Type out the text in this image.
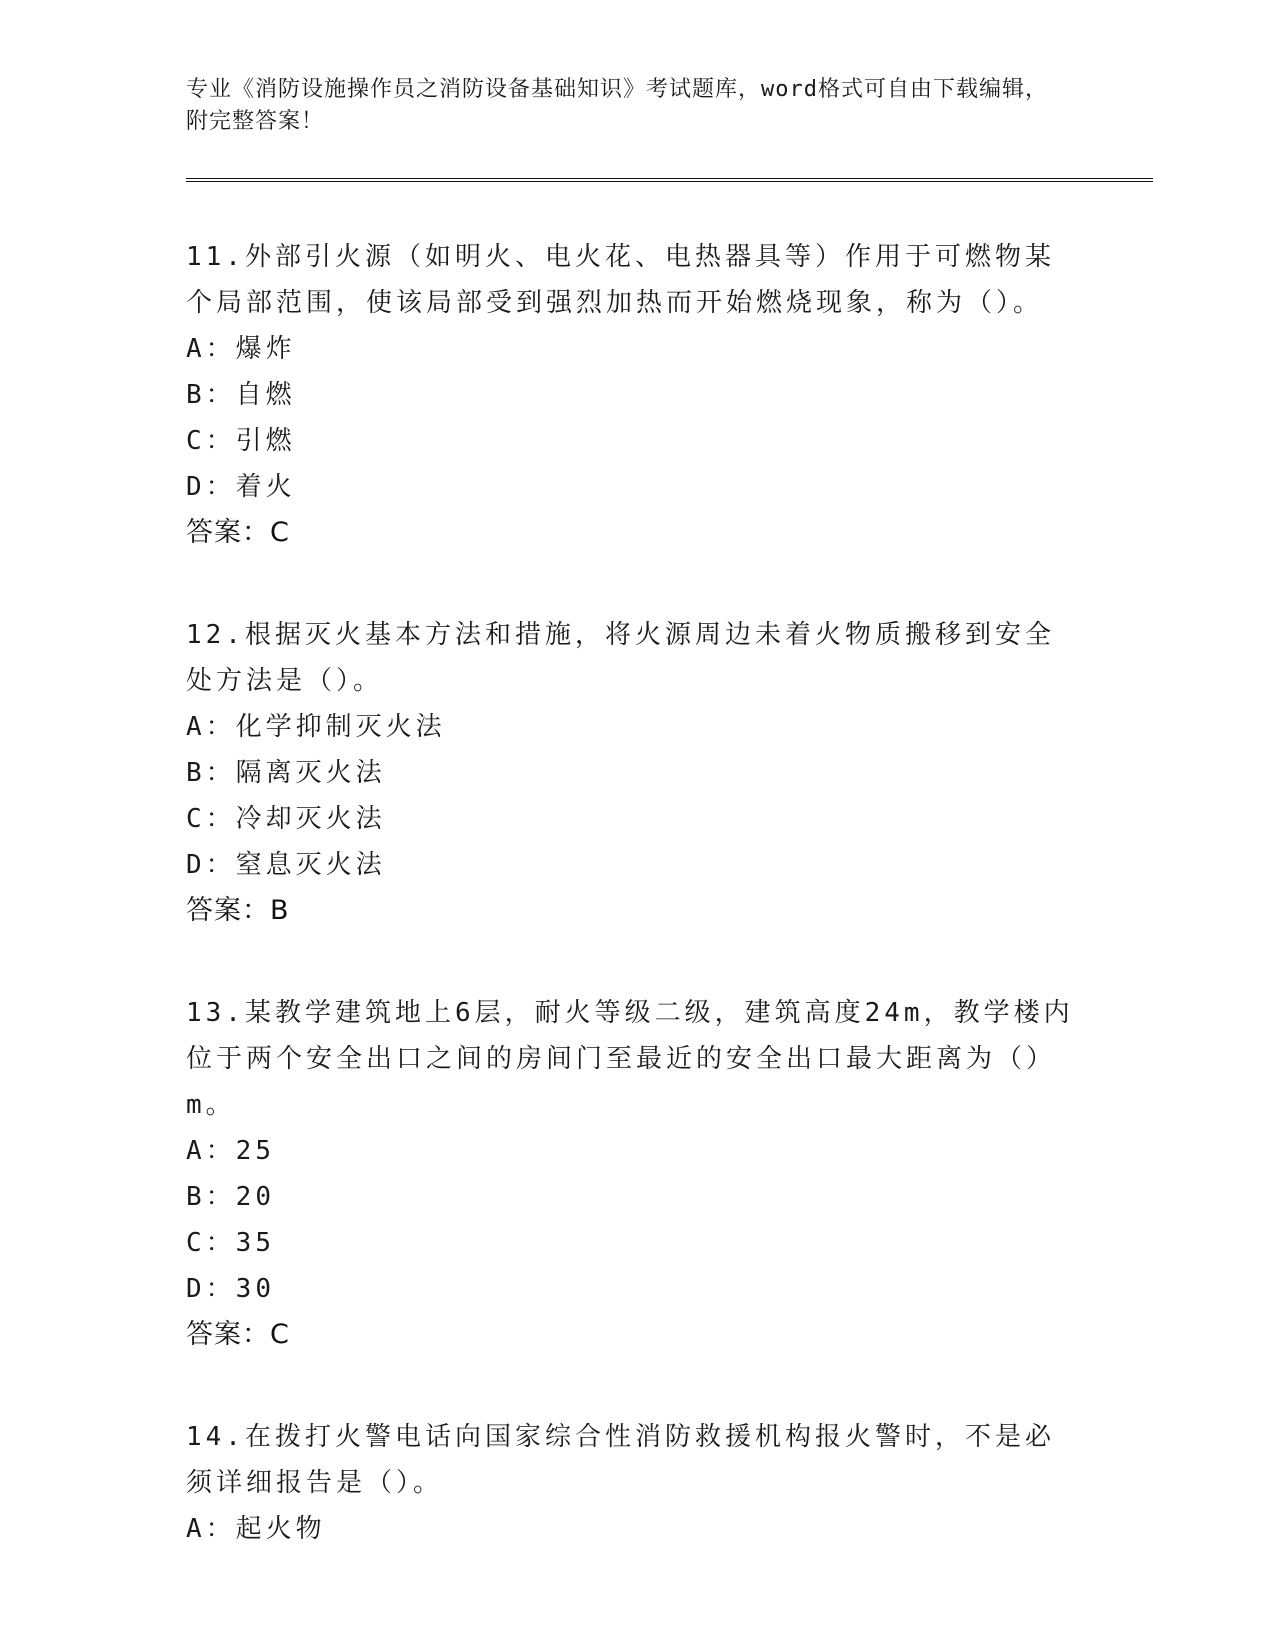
专业《消防设施操作员之消防设备基础知识》考试题库，word格式可自由下载编辑，附完整答案！

11.外部引火源（如明火、电火花、电热器具等）作用于可燃物某个局部范围，使该局部受到强烈加热而开始燃烧现象，称为（）。

A：爆炸
B：自燃
C：引燃
D：着火
答案：C

12.根据灭火基本方法和措施，将火源周边未着火物质搬移到安全处方法是（）。

A：化学抑制灭火法
B：隔离灭火法
C：冷却灭火法
D：窒息灭火法
答案：B

13.某教学建筑地上6层，耐火等级二级，建筑高度24m，教学楼内位于两个安全出口之间的房间门至最近的安全出口最大距离为（）m。

A：25
B：20
C：35
D：30
答案：C

14.在拨打火警电话向国家综合性消防救援机构报火警时，不是必须详细报告是（）。

A：起火物
